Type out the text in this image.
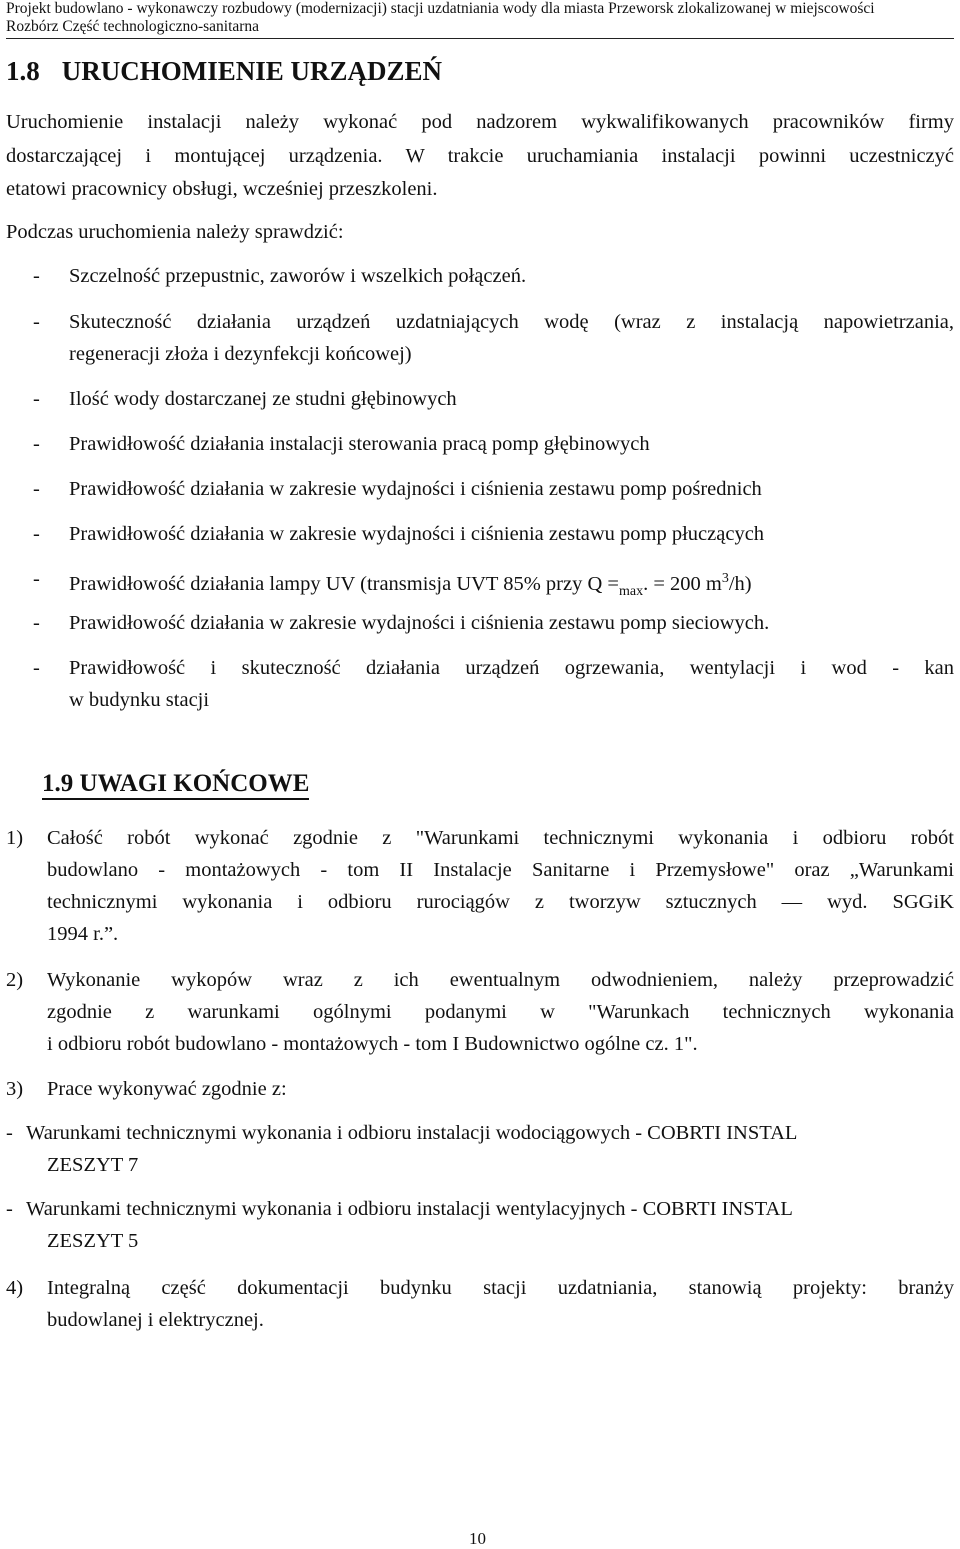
Projekt budowlano - wykonawczy rozbudowy (modernizacji) stacji uzdatniania wody dla miasta Przeworsk zlokalizowanej w miejscowości
Rozbórz Część technologiczno-sanitarna
1.8 URUCHOMIENIE URZĄDZEŃ
Uruchomienie instalacji należy wykonać pod nadzorem wykwalifikowanych pracowników firmy
dostarczającej i montującej urządzenia. W trakcie uruchamiania instalacji powinni uczestniczyć
etatowi pracownicy obsługi, wcześniej przeszkoleni.
Podczas uruchomienia należy sprawdzić:
- Szczelność przepustnic, zaworów i wszelkich połączeń.
- Skuteczność działania urządzeń uzdatniających wodę (wraz z instalacją napowietrzania,
regeneracji złoża i dezynfekcji końcowej)
- Ilość wody dostarczanej ze studni głębinowych
- Prawidłowość działania instalacji sterowania pracą pomp głębinowych
- Prawidłowość działania w zakresie wydajności i ciśnienia zestawu pomp pośrednich
- Prawidłowość działania w zakresie wydajności i ciśnienia zestawu pomp płuczących
- Prawidłowość działania lampy UV (transmisja UVT 85% przy $Q =_{max}$. = 200 $m^3/h$)
- Prawidłowość działania w zakresie wydajności i ciśnienia zestawu pomp sieciowych.
- Prawidłowość i skuteczność działania urządzeń ogrzewania, wentylacji i wod - kan
w budynku stacji
1.9 UWAGI KOŃCOWE
1) Całość robót wykonać zgodnie z "Warunkami technicznymi wykonania i odbioru robót
budowlano - montażowych - tom II Instalacje Sanitarne i Przemysłowe" oraz „Warunkami
technicznymi wykonania i odbioru rurociągów z tworzyw sztucznych — wyd. SGGiK
1994 r.”.
2) Wykonanie wykopów wraz z ich ewentualnym odwodnieniem, należy przeprowadzić
zgodnie z warunkami ogólnymi podanymi w "Warunkach technicznych wykonania
i odbioru robót budowlano - montażowych - tom I Budownictwo ogólne cz. 1".
3) Prace wykonywać zgodnie z:
- Warunkami technicznymi wykonania i odbioru instalacji wodociągowych - COBRTI INSTAL
ZESZYT 7
- Warunkami technicznymi wykonania i odbioru instalacji wentylacyjnych - COBRTI INSTAL
ZESZYT 5
4) Integralną część dokumentacji budynku stacji uzdatniania, stanowią projekty: branży
budowlanej i elektrycznej.
10
